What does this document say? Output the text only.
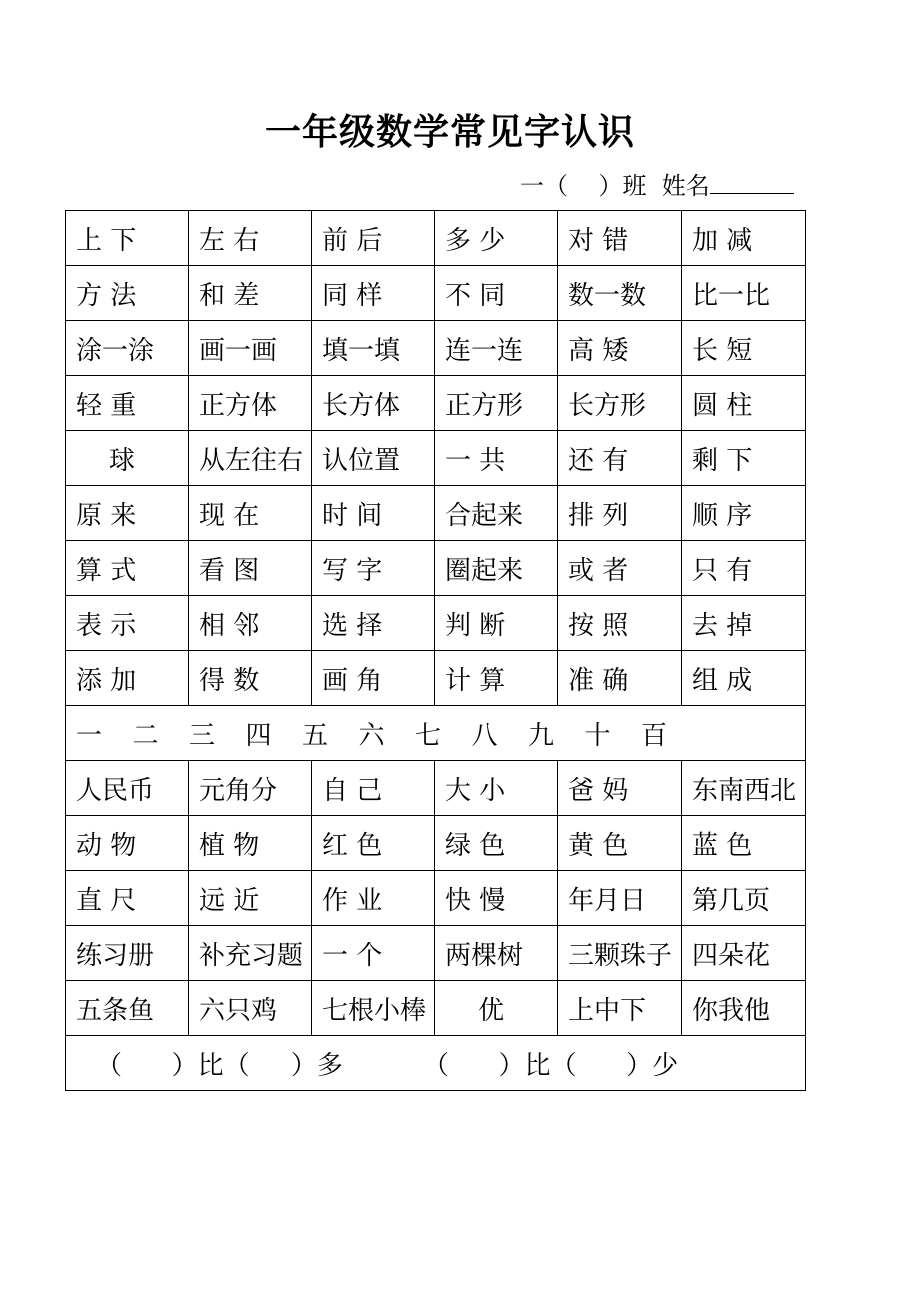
一年级数学常见字认识
一（    ）班  姓名
上 下	左 右	前 后	多 少	对 错	加 减
方 法	和 差	同 样	不 同	数一数	比一比
涂一涂	画一画	填一填	连一连	高 矮	长 短
轻 重	正方体	长方体	正方形	长方形	圆 柱
球	从左往右	认位置	一 共	还 有	剩 下
原 来	现 在	时 间	合起来	排 列	顺 序
算 式	看 图	写 字	圈起来	或 者	只 有
表 示	相 邻	选 择	判 断	按 照	去 掉
添 加	得 数	画 角	计 算	准 确	组 成
一 二 三 四 五 六 七 八 九 十 百					
人民币	元角分	自 己	大 小	爸 妈	东南西北
动 物	植 物	红 色	绿 色	黄 色	蓝 色
直 尺	远 近	作 业	快 慢	年月日	第几页
练习册	补充习题	一 个	两棵树	三颗珠子	四朵花
五条鱼	六只鸡	七根小棒	优	上中下	你我他
（      ）比（     ）多 （      ）比（      ）少					
